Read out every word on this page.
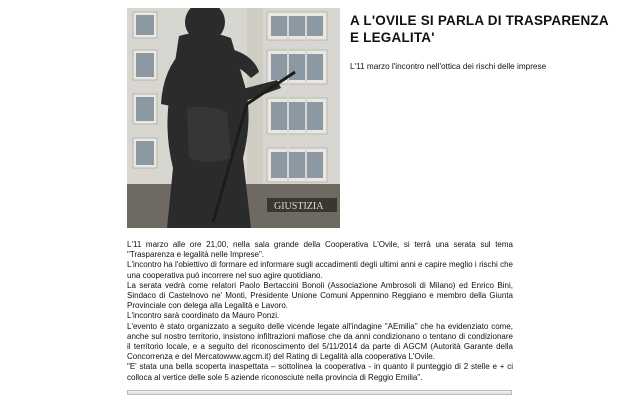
GIUSTIZIA
A L'OVILE SI PARLA DI TRASPARENZA E LEGALITA'

L'11 marzo l'incontro nell'ottica dei rischi delle imprese

L'11 marzo alle ore 21,00, nella sala grande della Cooperativa L'Ovile, si terrà una serata sul tema "Trasparenza e legalità nelle Imprese".

L'incontro ha l'obiettivo di formare ed informare sugli accadimenti degli ultimi anni e capire meglio i rischi che una cooperativa può incorrere nel suo agire quotidiano.

La serata vedrà come relatori Paolo Bertaccini Bonoli (Associazione Ambrosoli di Milano) ed Enrico Bini, Sindaco di Castelnovo ne' Monti, Presidente Unione Comuni Appennino Reggiano e membro della Giunta Provinciale con delega alla Legalità e Lavoro.

L'incontro sarà coordinato da Mauro Ponzi.

L'evento è stato organizzato a seguito delle vicende legate all'indagine "AEmilia" che ha evidenziato come, anche sul nostro territorio, insistono infiltrazioni mafiose che da anni condizionano o tentano di condizionare il territorio locale, e a seguito del riconoscimento del 5/11/2014 da parte di AGCM (Autorità Garante della Concorrenza e del Mercatowww.agcm.it) del Rating di Legalità alla cooperativa L'Ovile.

"E' stata una bella scoperta inaspettata – sottolinea la cooperativa - in quanto il punteggio di 2 stelle e + ci colloca al vertice delle sole 5 aziende riconosciute nella provincia di Reggio Emilia".
